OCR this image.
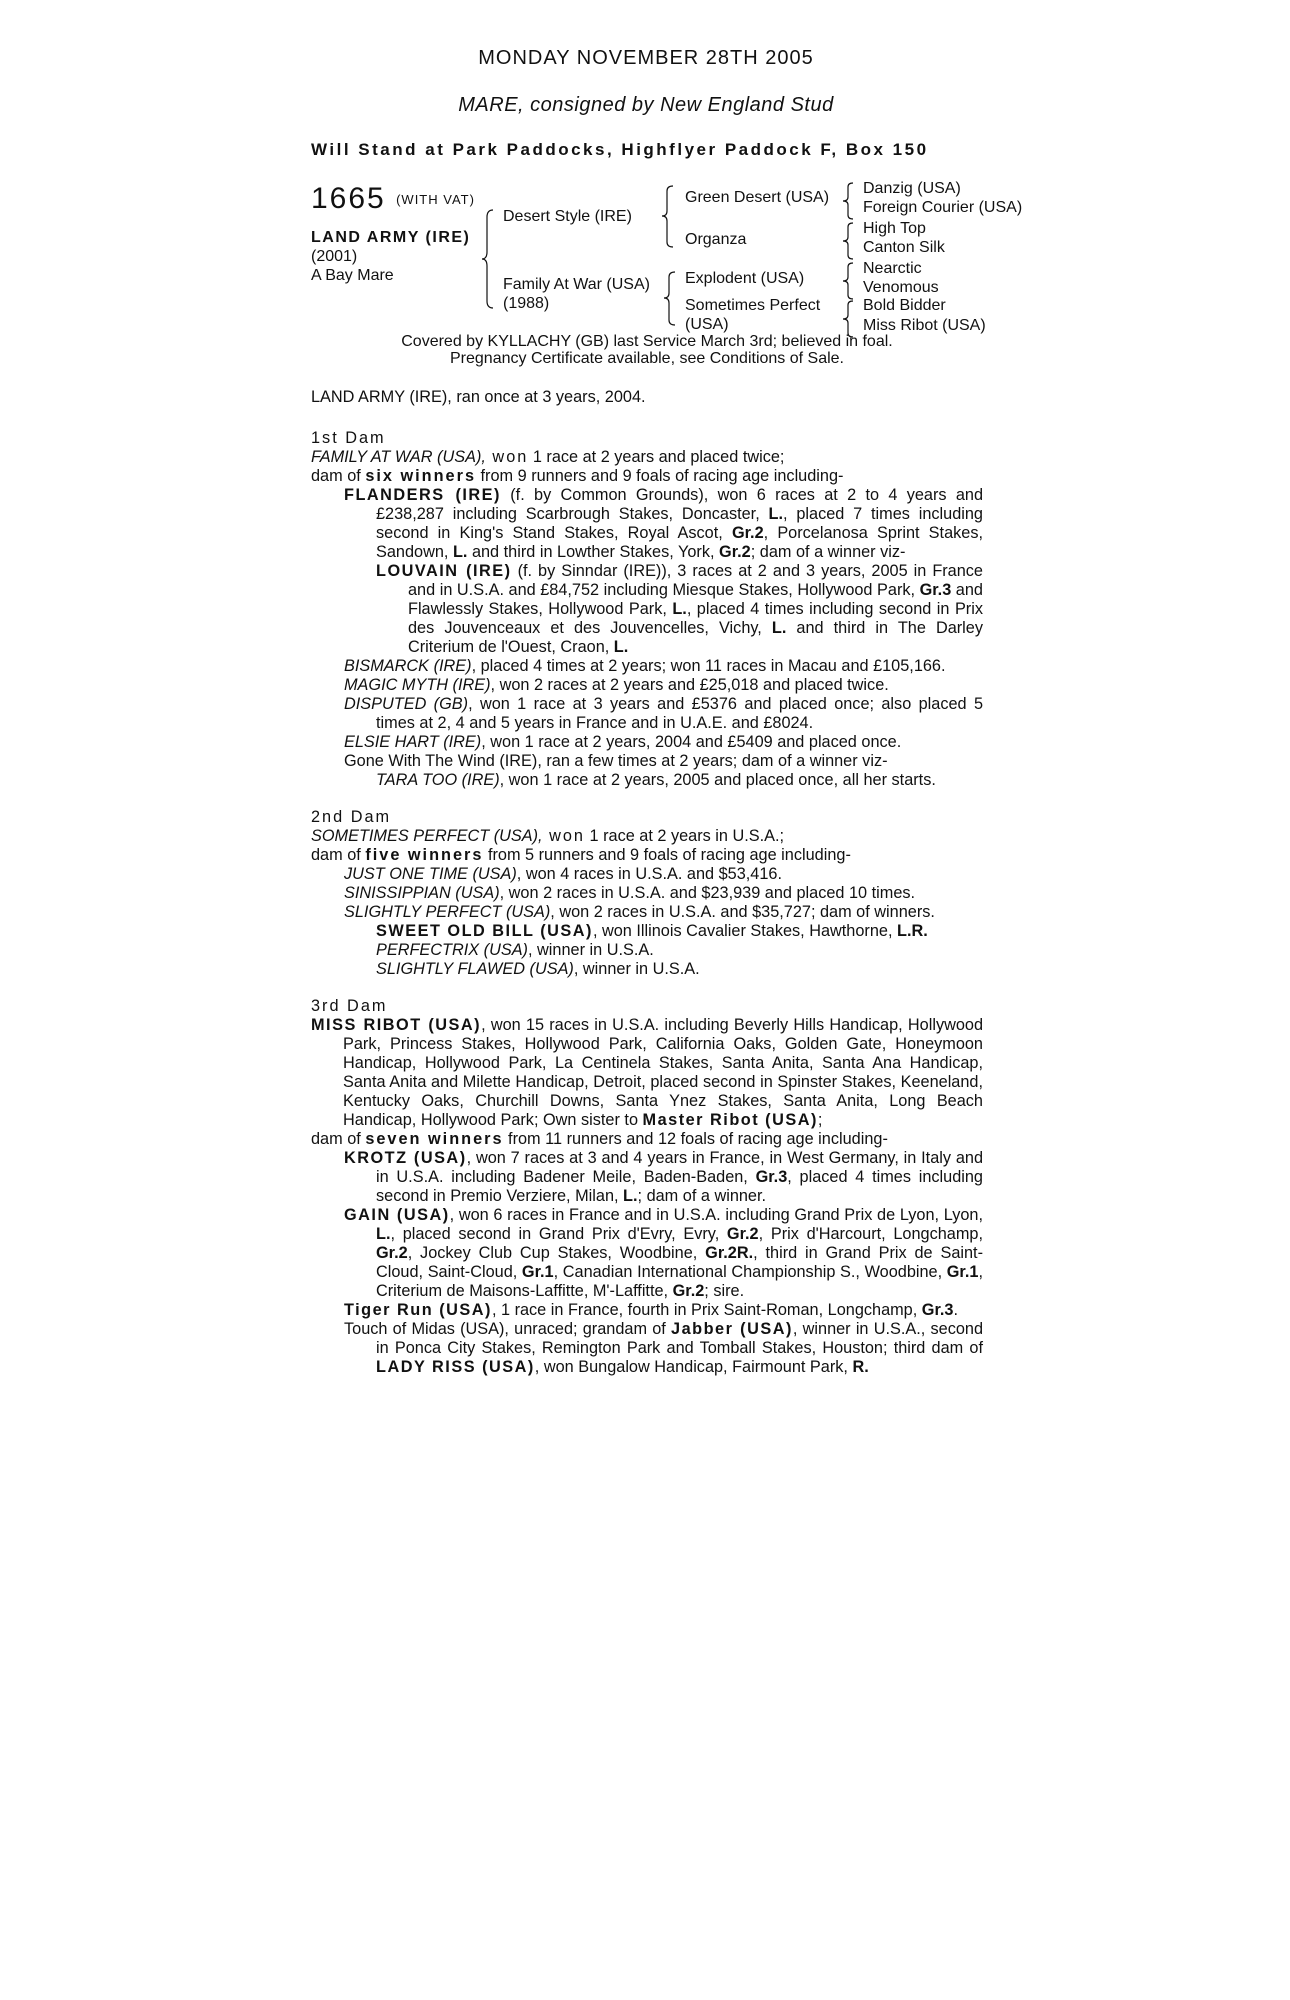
MONDAY NOVEMBER 28TH 2005
MARE, consigned by New England Stud
Will Stand at Park Paddocks, Highflyer Paddock F, Box 150
1665 (WITH VAT)
LAND ARMY (IRE)
(2001)
A Bay Mare
Desert Style (IRE)
Family At War (USA)
(1988)
Green Desert (USA)
Organza
Explodent (USA)
Sometimes Perfect
(USA)
Danzig (USA)
Foreign Courier (USA)
High Top
Canton Silk
Nearctic
Venomous
Bold Bidder
Miss Ribot (USA)
Covered by KYLLACHY (GB) last Service March 3rd; believed in foal.
Pregnancy Certificate available, see Conditions of Sale.

LAND ARMY (IRE), ran once at 3 years, 2004.

1st Dam

FAMILY AT WAR (USA), won 1 race at 2 years and placed twice;

dam of six winners from 9 runners and 9 foals of racing age including-

FLANDERS (IRE) (f. by Common Grounds), won 6 races at 2 to 4 years and £238,287 including Scarbrough Stakes, Doncaster, L., placed 7 times including second in King's Stand Stakes, Royal Ascot, Gr.2, Porcelanosa Sprint Stakes, Sandown, L. and third in Lowther Stakes, York, Gr.2; dam of a winner viz-

LOUVAIN (IRE) (f. by Sinndar (IRE)), 3 races at 2 and 3 years, 2005 in France and in U.S.A. and £84,752 including Miesque Stakes, Hollywood Park, Gr.3 and Flawlessly Stakes, Hollywood Park, L., placed 4 times including second in Prix des Jouvenceaux et des Jouvencelles, Vichy, L. and third in The Darley Criterium de l'Ouest, Craon, L.

BISMARCK (IRE), placed 4 times at 2 years; won 11 races in Macau and £105,166.

MAGIC MYTH (IRE), won 2 races at 2 years and £25,018 and placed twice.

DISPUTED (GB), won 1 race at 3 years and £5376 and placed once; also placed 5 times at 2, 4 and 5 years in France and in U.A.E. and £8024.

ELSIE HART (IRE), won 1 race at 2 years, 2004 and £5409 and placed once.

Gone With The Wind (IRE), ran a few times at 2 years; dam of a winner viz-

TARA TOO (IRE), won 1 race at 2 years, 2005 and placed once, all her starts.

2nd Dam

SOMETIMES PERFECT (USA), won 1 race at 2 years in U.S.A.;

dam of five winners from 5 runners and 9 foals of racing age including-

JUST ONE TIME (USA), won 4 races in U.S.A. and $53,416.

SINISSIPPIAN (USA), won 2 races in U.S.A. and $23,939 and placed 10 times.

SLIGHTLY PERFECT (USA), won 2 races in U.S.A. and $35,727; dam of winners.

SWEET OLD BILL (USA), won Illinois Cavalier Stakes, Hawthorne, L.R.

PERFECTRIX (USA), winner in U.S.A.

SLIGHTLY FLAWED (USA), winner in U.S.A.

3rd Dam

MISS RIBOT (USA), won 15 races in U.S.A. including Beverly Hills Handicap, Hollywood Park, Princess Stakes, Hollywood Park, California Oaks, Golden Gate, Honeymoon Handicap, Hollywood Park, La Centinela Stakes, Santa Anita, Santa Ana Handicap, Santa Anita and Milette Handicap, Detroit, placed second in Spinster Stakes, Keeneland, Kentucky Oaks, Churchill Downs, Santa Ynez Stakes, Santa Anita, Long Beach Handicap, Hollywood Park; Own sister to Master Ribot (USA);

dam of seven winners from 11 runners and 12 foals of racing age including-

KROTZ (USA), won 7 races at 3 and 4 years in France, in West Germany, in Italy and in U.S.A. including Badener Meile, Baden-Baden, Gr.3, placed 4 times including second in Premio Verziere, Milan, L.; dam of a winner.

GAIN (USA), won 6 races in France and in U.S.A. including Grand Prix de Lyon, Lyon, L., placed second in Grand Prix d'Evry, Evry, Gr.2, Prix d'Harcourt, Longchamp, Gr.2, Jockey Club Cup Stakes, Woodbine, Gr.2R., third in Grand Prix de Saint-Cloud, Saint-Cloud, Gr.1, Canadian International Championship S., Woodbine, Gr.1, Criterium de Maisons-Laffitte, M'-Laffitte, Gr.2; sire.

Tiger Run (USA), 1 race in France, fourth in Prix Saint-Roman, Longchamp, Gr.3.

Touch of Midas (USA), unraced; grandam of Jabber (USA), winner in U.S.A., second in Ponca City Stakes, Remington Park and Tomball Stakes, Houston; third dam of LADY RISS (USA), won Bungalow Handicap, Fairmount Park, R.
